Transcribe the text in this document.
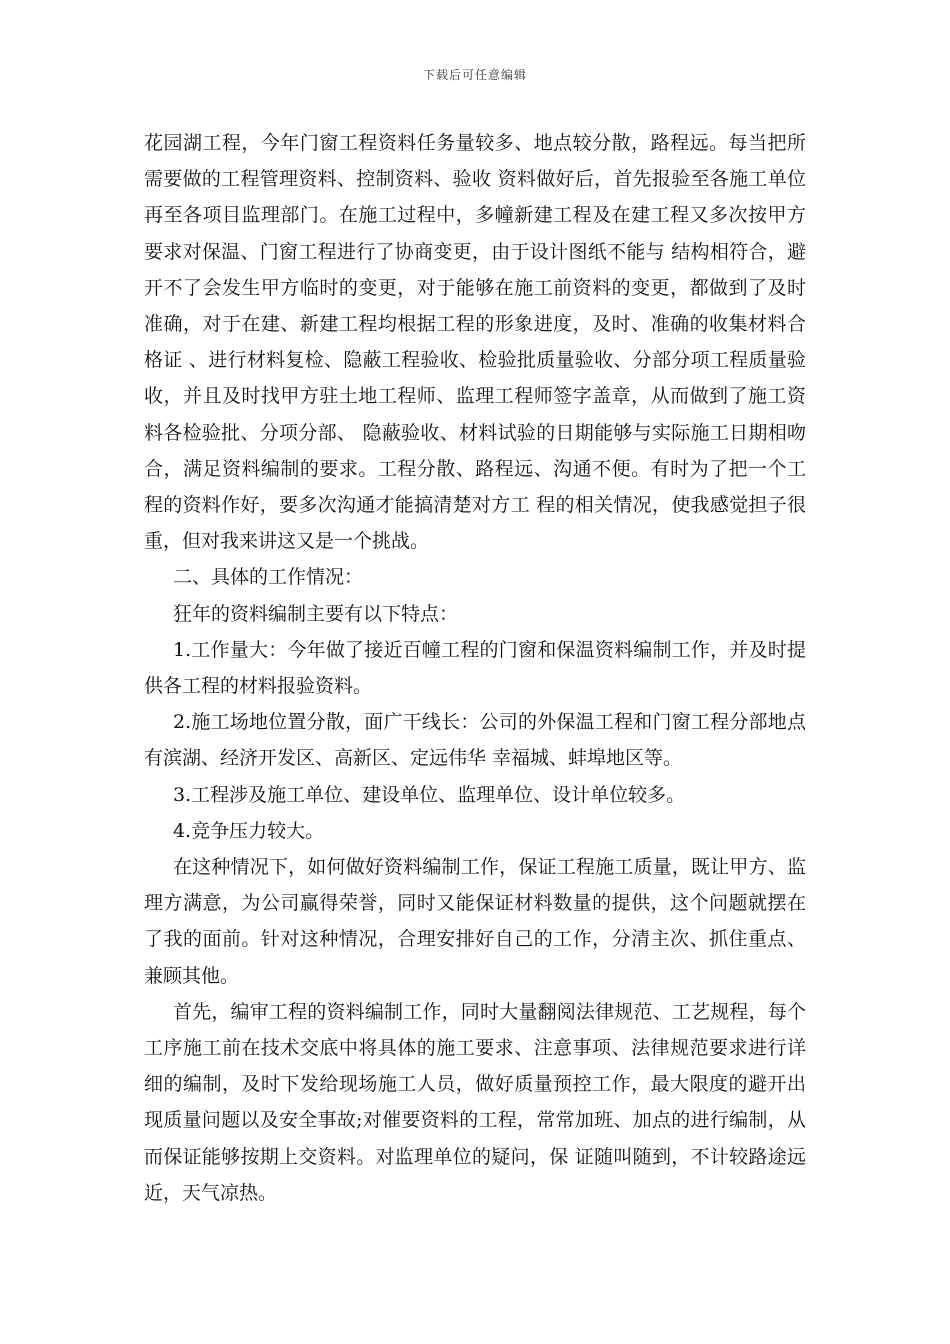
下载后可任意编辑

花园湖工程，今年门窗工程资料任务量较多、地点较分散，路程远。每当把所需要做的工程管理资料、控制资料、验收 资料做好后，首先报验至各施工单位再至各项目监理部门。在施工过程中，多幢新建工程及在建工程又多次按甲方要求对保温、门窗工程进行了协商变更，由于设计图纸不能与 结构相符合，避开不了会发生甲方临时的变更，对于能够在施工前资料的变更，都做到了及时准确，对于在建、新建工程均根据工程的形象进度，及时、准确的收集材料合格证 、进行材料复检、隐蔽工程验收、检验批质量验收、分部分项工程质量验收，并且及时找甲方驻土地工程师、监理工程师签字盖章，从而做到了施工资料各检验批、分项分部、 隐蔽验收、材料试验的日期能够与实际施工日期相吻合，满足资料编制的要求。工程分散、路程远、沟通不便。有时为了把一个工程的资料作好，要多次沟通才能搞清楚对方工 程的相关情况，使我感觉担子很重，但对我来讲这又是一个挑战。

二、具体的工作情况：

狂年的资料编制主要有以下特点：

1.工作量大：今年做了接近百幢工程的门窗和保温资料编制工作，并及时提供各工程的材料报验资料。

2.施工场地位置分散，面广干线长：公司的外保温工程和门窗工程分部地点有滨湖、经济开发区、高新区、定远伟华 幸福城、蚌埠地区等。

3.工程涉及施工单位、建设单位、监理单位、设计单位较多。

4.竞争压力较大。

在这种情况下，如何做好资料编制工作，保证工程施工质量，既让甲方、监理方满意，为公司赢得荣誉，同时又能保证材料数量的提供，这个问题就摆在了我的面前。针对这种情况，合理安排好自己的工作，分清主次、抓住重点、兼顾其他。

首先，编审工程的资料编制工作，同时大量翻阅法律规范、工艺规程，每个工序施工前在技术交底中将具体的施工要求、注意事项、法律规范要求进行详细的编制，及时下发给现场施工人员，做好质量预控工作，最大限度的避开出现质量问题以及安全事故;对催要资料的工程，常常加班、加点的进行编制，从而保证能够按期上交资料。对监理单位的疑问，保 证随叫随到，不计较路途远近，天气凉热。
